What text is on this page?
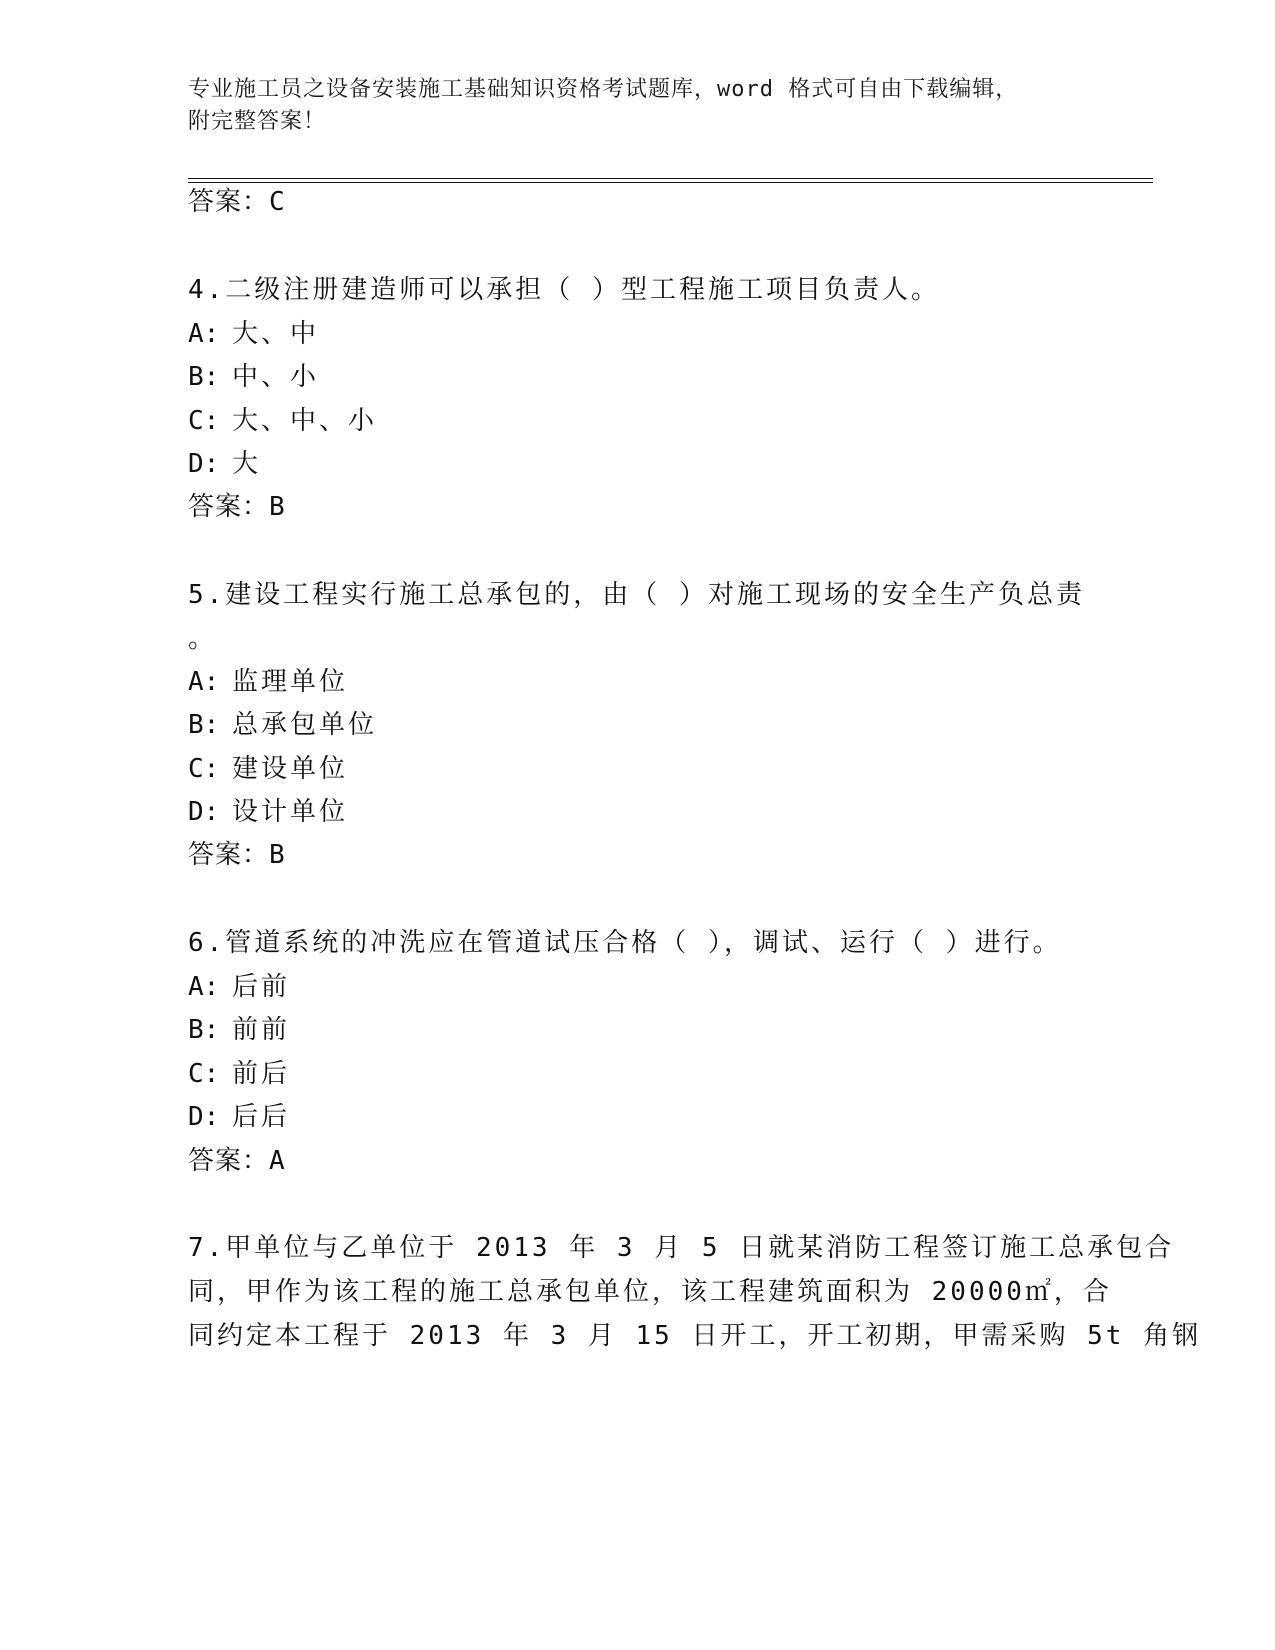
专业施工员之设备安装施工基础知识资格考试题库，word 格式可自由下载编辑，
附完整答案！
答案：C
4.二级注册建造师可以承担（ ）型工程施工项目负责人。
A: 大、中
B: 中、小
C: 大、中、小
D: 大
答案：B
5.建设工程实行施工总承包的，由（ ）对施工现场的安全生产负总责
。
A: 监理单位
B: 总承包单位
C: 建设单位
D: 设计单位
答案：B
6.管道系统的冲洗应在管道试压合格（ ），调试、运行（ ）进行。
A: 后前
B: 前前
C: 前后
D: 后后
答案：A
7.甲单位与乙单位于 2013 年 3 月 5 日就某消防工程签订施工总承包合
同，甲作为该工程的施工总承包单位，该工程建筑面积为 20000㎡，合
同约定本工程于 2013 年 3 月 15 日开工，开工初期，甲需采购 5t 角钢
